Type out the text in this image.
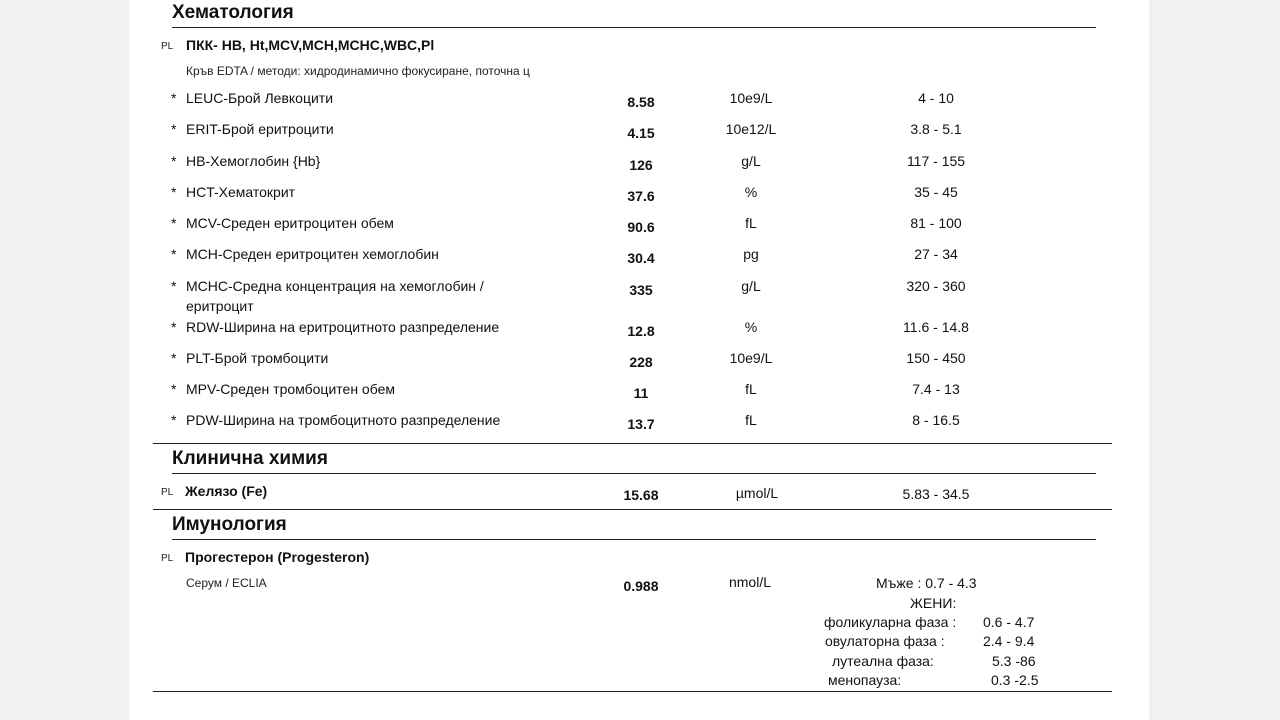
Хематология
PL ПКК- HB, Ht,MCV,MCH,MCHC,WBC,Pl
Кръв EDTA / методи: хидродинамично фокусиране, поточна ц
* LEUC-Брой Левкоцити	8.58	10e9/L	4 - 10
* ERIT-Брой еритроцити	4.15	10e12/L	3.8 - 5.1
* HB-Хемоглобин {Hb}	126	g/L	117 - 155
* HCT-Хематокрит	37.6	%	35 - 45
* MCV-Среден еритроцитен обем	90.6	fL	81 - 100
* MCH-Среден еритроцитен хемоглобин	30.4	pg	27 - 34
* MCHC-Средна концентрация на хемоглобин / еритроцит
335	g/L	320 - 360
* RDW-Ширина на еритроцитното разпределение	12.8	%	11.6 - 14.8
* PLT-Брой тромбоцити	228	10e9/L	150 - 450
* MPV-Среден тромбоцитен обем	11	fL	7.4 - 13
* PDW-Ширина на тромбоцитното разпределение	13.7	fL	8 - 16.5
Клинична химия
PL Желязо (Fe)	15.68	µmol/L	5.83 - 34.5
Имунология
PL Прогестерон (Progesteron)
Серум / ECLIA	0.988	nmol/L	Мъже : 0.7 - 4.3
ЖЕНИ:
фоликуларна фаза : 0.6 - 4.7
овулаторна фаза :	2.4 - 9.4
лутеална фаза:	5.3 -86
менопауза:	0.3 -2.5
